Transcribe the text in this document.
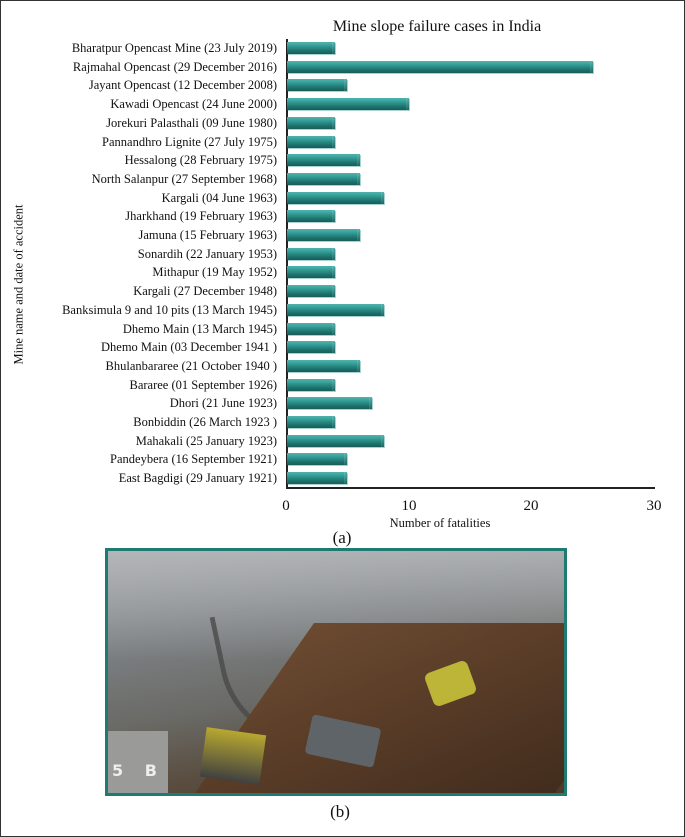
Mine slope failure cases in India
Mine name and date of accident
Bharatpur Opencast Mine (23 July 2019)
Rajmahal Opencast (29 December 2016)
Jayant Opencast (12 December 2008)
Kawadi Opencast (24 June 2000)
Jorekuri Palasthali (09 June 1980)
Pannandhro Lignite (27 July 1975)
Hessalong (28 February 1975)
North Salanpur (27 September 1968)
Kargali (04 June 1963)
Jharkhand (19 February 1963)
Jamuna (15 February 1963)
Sonardih (22 January 1953)
Mithapur (19 May 1952)
Kargali (27 December 1948)
Banksimula 9 and 10 pits (13 March 1945)
Dhemo Main (13 March 1945)
Dhemo Main (03 December 1941 )
Bhulanbararee (21 October 1940 )
Bararee (01 September 1926)
Dhori (21 June 1923)
Bonbiddin (26 March 1923 )
Mahakali (25 January 1923)
Pandeybera (16 September 1921)
East Bagdigi (29 January 1921)
0	10	20	30
Number of fatalities
(a)
5 B
(b)
